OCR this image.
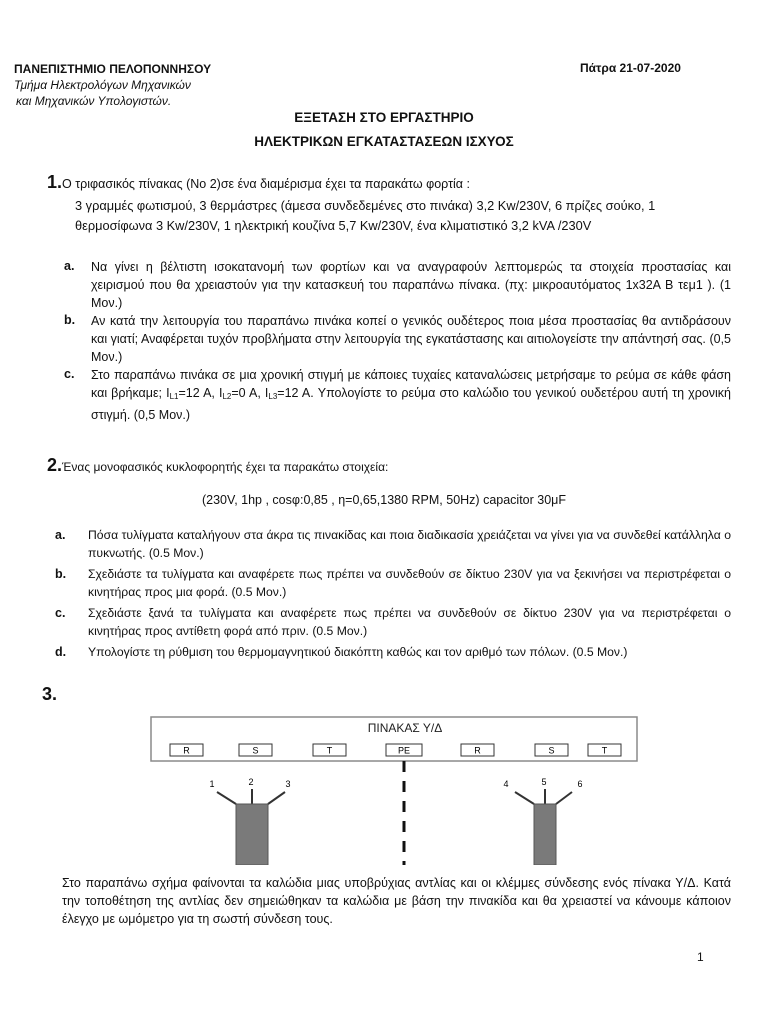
ΠΑΝΕΠΙΣΤΗΜΙΟ ΠΕΛΟΠΟΝΝΗΣΟΥ
Τμήμα Ηλεκτρολόγων Μηχανικών
και Μηχανικών Υπολογιστών.
Πάτρα 21-07-2020
ΕΞΕΤΑΣΗ ΣΤΟ ΕΡΓΑΣΤΗΡΙΟ
ΗΛΕΚΤΡΙΚΩΝ ΕΓΚΑΤΑΣΤΑΣΕΩΝ ΙΣΧΥΟΣ
1.Ο τριφασικός πίνακας (Νο 2)σε ένα διαμέρισμα έχει τα παρακάτω φορτία :
3 γραμμές φωτισμού, 3 θερμάστρες (άμεσα συνδεδεμένες στο πινάκα) 3,2 Kw/230V, 6 πρίζες σούκο, 1
θερμοσίφωνα 3 Kw/230V, 1 ηλεκτρική κουζίνα 5,7 Kw/230V, ένα κλιματιστικό 3,2 kVA /230V
a. Να γίνει η βέλτιστη ισοκατανομή των φορτίων και να αναγραφούν λεπτομερώς τα στοιχεία προστασίας και χειρισμού που θα χρειαστούν για την κατασκευή του παραπάνω πίνακα. (πχ: μικροαυτόματος 1x32A B τεμ1 ). (1 Μον.)
b. Αν κατά την λειτουργία του παραπάνω πινάκα κοπεί ο γενικός ουδέτερος ποια μέσα προστασίας θα αντιδράσουν και γιατί; Αναφέρεται τυχόν προβλήματα στην λειτουργία της εγκατάστασης και αιτιολογείστε την απάντησή σας. (0,5 Μον.)
c. Στο παραπάνω πινάκα σε μια χρονική στιγμή με κάποιες τυχαίες καταναλώσεις μετρήσαμε το ρεύμα σε κάθε φάση και βρήκαμε; $I_{L1}=12$ A, $I_{L2}=0$ A, $I_{L3}=12$ A. Υπολογίστε το ρεύμα στο καλώδιο του γενικού ουδετέρου αυτή τη χρονική στιγμή. (0,5 Μον.)
2.Ένας μονοφασικός κυκλοφορητής έχει τα παρακάτω στοιχεία:
(230V, 1hp , cosφ:0,85 , η=0,65,1380 RPM, 50Hz) capacitor 30μF
a. Πόσα τυλίγματα καταλήγουν στα άκρα τις πινακίδας και ποια διαδικασία χρειάζεται να γίνει για να συνδεθεί κατάλληλα ο πυκνωτής. (0.5 Μον.)
b. Σχεδιάστε τα τυλίγματα και αναφέρετε πως πρέπει να συνδεθούν σε δίκτυο 230V για να ξεκινήσει να περιστρέφεται ο κινητήρας προς μια φορά. (0.5 Μον.)
c. Σχεδιάστε ξανά τα τυλίγματα και αναφέρετε πως πρέπει να συνδεθούν σε δίκτυο 230V για να περιστρέφεται ο κινητήρας προς αντίθετη φορά από πριν. (0.5 Μον.)
d. Υπολογίστε τη ρύθμιση του θερμομαγνητικού διακόπτη καθώς και τον αριθμό των πόλων. (0.5 Μον.)
3.
ΠΙΝΑΚΑΣ Υ/Δ
R	S	T	PE	R	S	T
1	2	3	4	5	6
Στο παραπάνω σχήμα φαίνονται τα καλώδια μιας υποβρύχιας αντλίας και οι κλέμμες σύνδεσης ενός πίνακα Υ/Δ. Κατά την τοποθέτηση της αντλίας δεν σημειώθηκαν τα καλώδια με βάση την πινακίδα και θα χρειαστεί να κάνουμε κάποιον έλεγχο με ωμόμετρο για τη σωστή σύνδεση τους.
1
